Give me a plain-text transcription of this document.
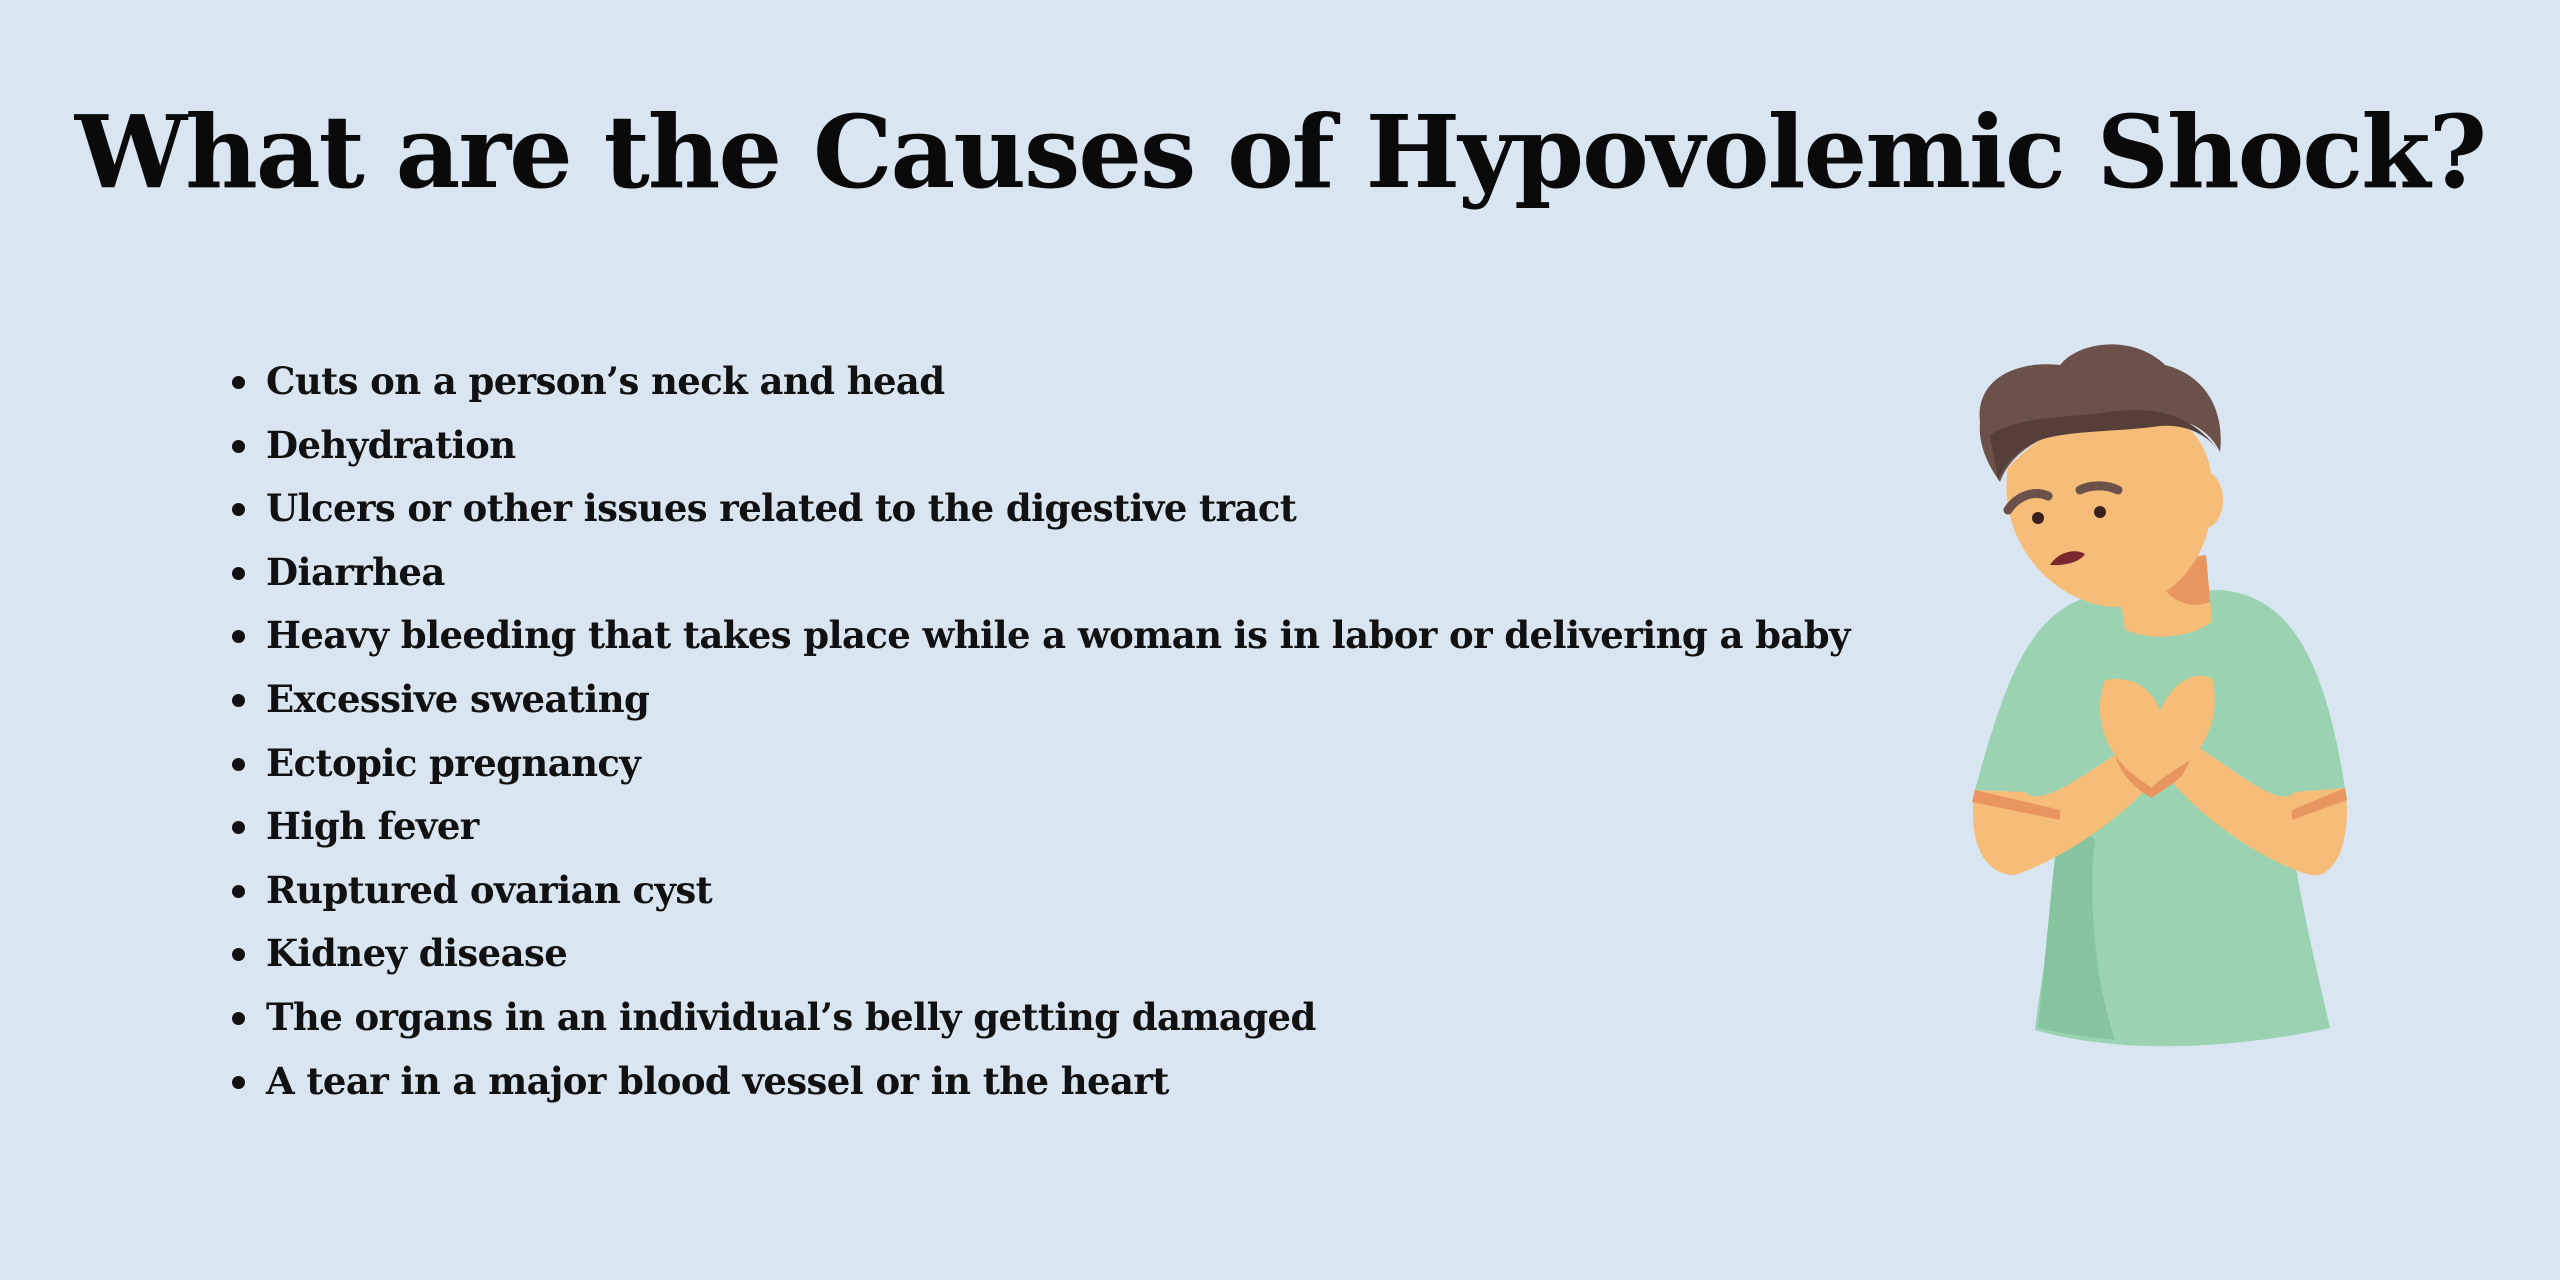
What are the Causes of Hypovolemic Shock?
Cuts on a person’s neck and head
Dehydration
Ulcers or other issues related to the digestive tract
Diarrhea
Heavy bleeding that takes place while a woman is in labor or delivering a baby
Excessive sweating
Ectopic pregnancy
High fever
Ruptured ovarian cyst
Kidney disease
The organs in an individual’s belly getting damaged
A tear in a major blood vessel or in the heart
